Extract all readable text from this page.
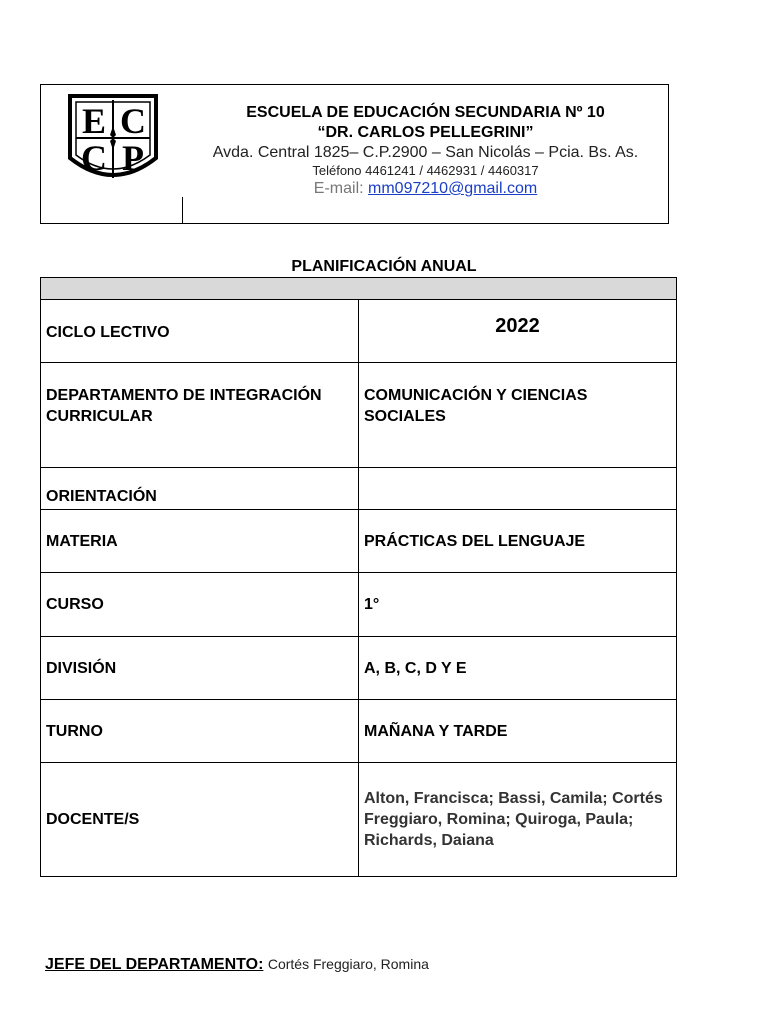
E C
C P
ESCUELA DE EDUCACIÓN SECUNDARIA Nº 10
“DR. CARLOS PELLEGRINI”
Avda. Central 1825– C.P.2900 – San Nicolás – Pcia. Bs. As.
Teléfono 4461241 / 4462931 / 4460317
E-mail: mm097210@gmail.com
PLANIFICACIÓN ANUAL

CICLO LECTIVO	2022

DEPARTAMENTO DE INTEGRACIÓN CURRICULAR	COMUNICACIÓN Y CIENCIAS SOCIALES
ORIENTACIÓN	
MATERIA	PRÁCTICAS DEL LENGUAJE
CURSO	1°
DIVISIÓN	A, B, C, D Y E
TURNO	MAÑANA Y TARDE
DOCENTE/S	Alton, Francisca; Bassi, Camila; Cortés Freggiaro, Romina; Quiroga, Paula; Richards, Daiana
JEFE DEL DEPARTAMENTO: Cortés Freggiaro, Romina
